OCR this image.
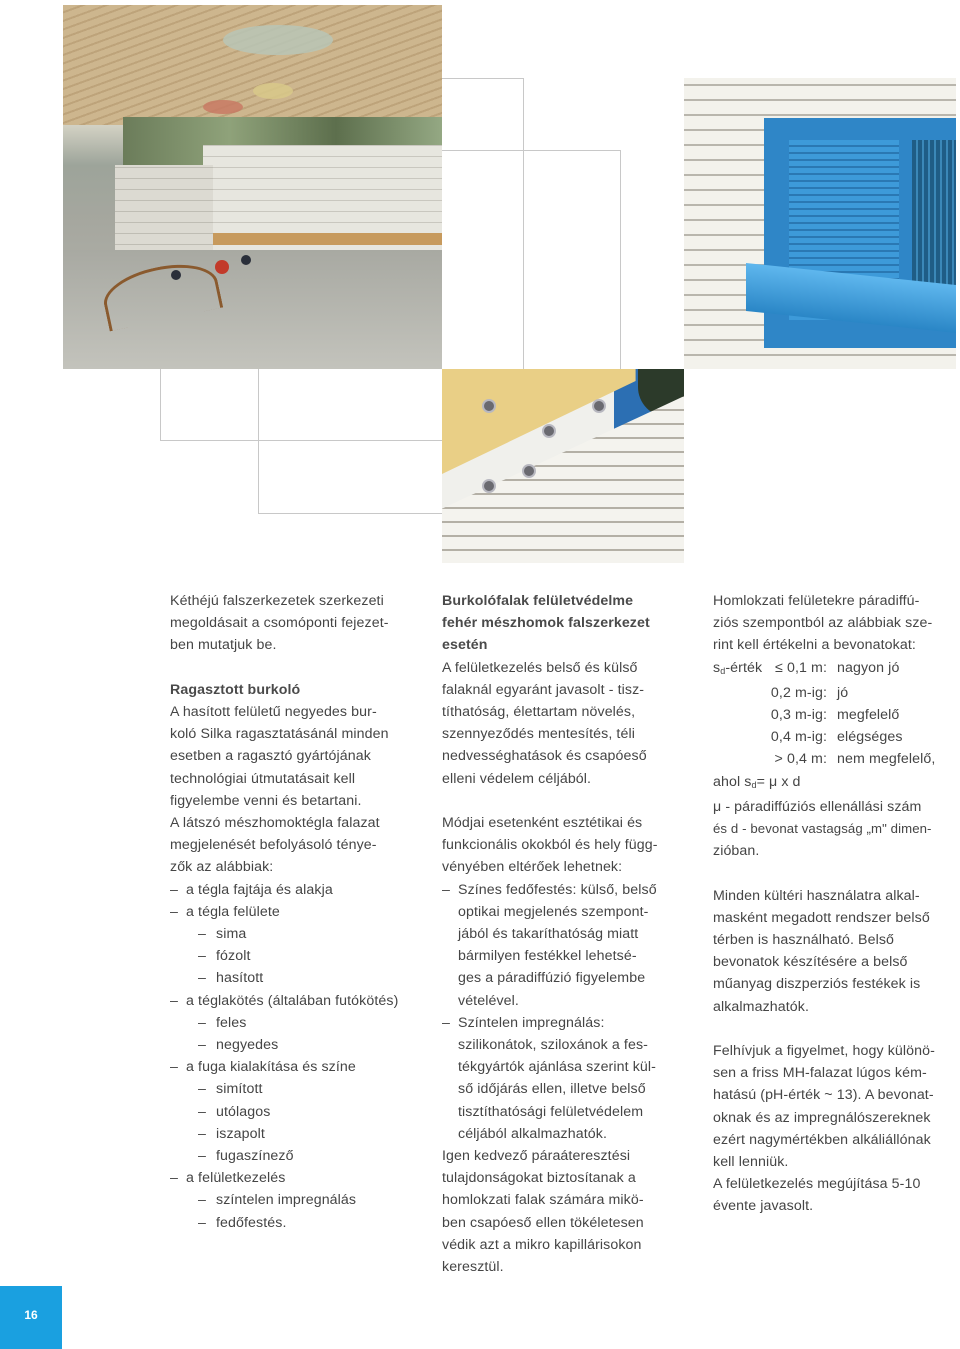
Kéthéjú falszerkezetek szerkezeti
megoldásait a csomóponti fejezet-
ben mutatjuk be.

Ragasztott burkoló

A hasított felületű negyedes bur-
koló Silka ragasztatásánál minden
esetben a ragasztó gyártójának
technológiai útmutatásait kell
figyelembe venni és betartani.

A látszó mészhomoktégla falazat
megjelenését befolyásoló ténye-
zők az alábbiak:

– a tégla fajtája és alakja
– a tégla felülete
– sima
– fózolt
– hasított
– a téglakötés (általában futókötés)
– feles
– negyedes
– a fuga kialakítása és színe
– simított
– utólagos
– iszapolt
– fugaszínező
– a felületkezelés
– színtelen impregnálás
– fedőfestés.

Burkolófalak felületvédelme
fehér mészhomok falszerkezet
esetén

A felületkezelés belső és külső
falaknál egyaránt javasolt - tisz-
títhatóság, élettartam növelés,
szennyeződés mentesítés, téli
nedvességhatások és csapóeső
elleni védelem céljából.

Módjai esetenként esztétikai és
funkcionális okokból és hely függ-
vényében eltérőek lehetnek:

– Színes fedőfestés: külső, belső
optikai megjelenés szempont-
jából és takaríthatóság miatt
bármilyen festékkel lehetsé-
ges a páradiffúzió figyelembe
vételével.
– Színtelen impregnálás:
szilikonátok, sziloxánok a fes-
tékgyártók ajánlása szerint kül-
ső időjárás ellen, illetve belső
tisztíthatósági felületvédelem
céljából alkalmazhatók.

Igen kedvező páraáteresztési
tulajdonságokat biztosítanak a
homlokzati falak számára mikö-
ben csapóeső ellen tökéletesen
védik azt a mikro kapillárisokon
keresztül.

Homlokzati felületekre páradiffú-
ziós szempontból az alábbiak sze-
rint kell értékelni a bevonatokat:

$s_d$-érték ≤ 0,1 m: nagyon jó
0,2 m-ig: jó
0,3 m-ig: megfelelő
0,4 m-ig: elégséges
> 0,4 m: nem megfelelő,

ahol $s_d= \mu$ x d

μ - páradiffúziós ellenállási szám

és d - bevonat vastagság „m" dimen-
zióban.

Minden kültéri használatra alkal-
masként megadott rendszer belső
térben is használható. Belső
bevonatok készítésére a belső
műanyag diszperziós festékek is
alkalmazhatók.

Felhívjuk a figyelmet, hogy különö-
sen a friss MH-falazat lúgos kém-
hatású (pH-érték ~ 13). A bevonat-
oknak és az impregnálószereknek
ezért nagymértékben alkáliállónak
kell lenniük.

A felületkezelés megújítása 5-10
évente javasolt.

16
